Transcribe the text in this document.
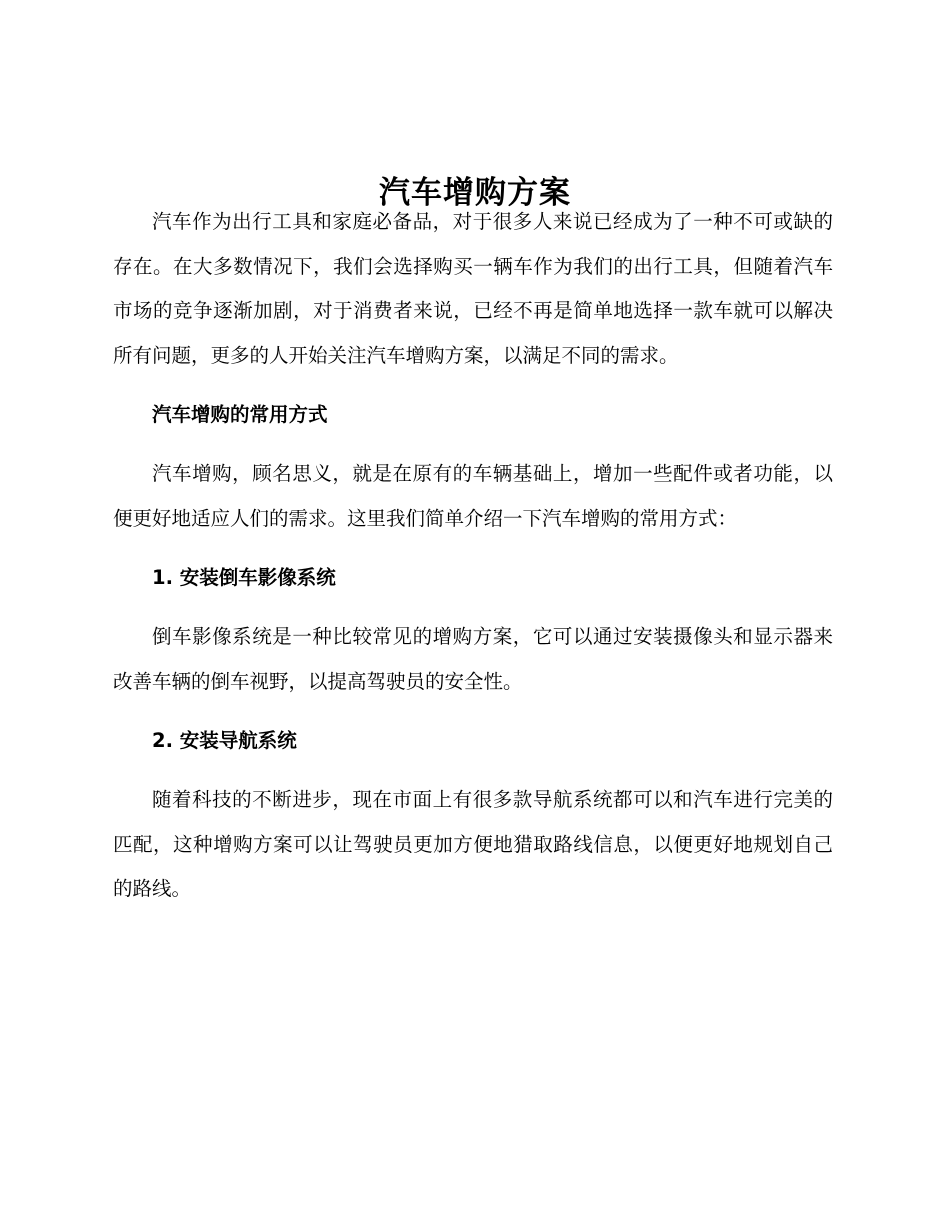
汽车增购方案

汽车作为出行工具和家庭必备品，对于很多人来说已经成为了一种不可或缺的存在。在大多数情况下，我们会选择购买一辆车作为我们的出行工具，但随着汽车市场的竞争逐渐加剧，对于消费者来说，已经不再是简单地选择一款车就可以解决所有问题，更多的人开始关注汽车增购方案，以满足不同的需求。

汽车增购的常用方式

汽车增购，顾名思义，就是在原有的车辆基础上，增加一些配件或者功能，以便更好地适应人们的需求。这里我们简单介绍一下汽车增购的常用方式：

1. 安装倒车影像系统

倒车影像系统是一种比较常见的增购方案，它可以通过安装摄像头和显示器来改善车辆的倒车视野，以提高驾驶员的安全性。

2. 安装导航系统

随着科技的不断进步，现在市面上有很多款导航系统都可以和汽车进行完美的匹配，这种增购方案可以让驾驶员更加方便地猎取路线信息，以便更好地规划自己的路线。
